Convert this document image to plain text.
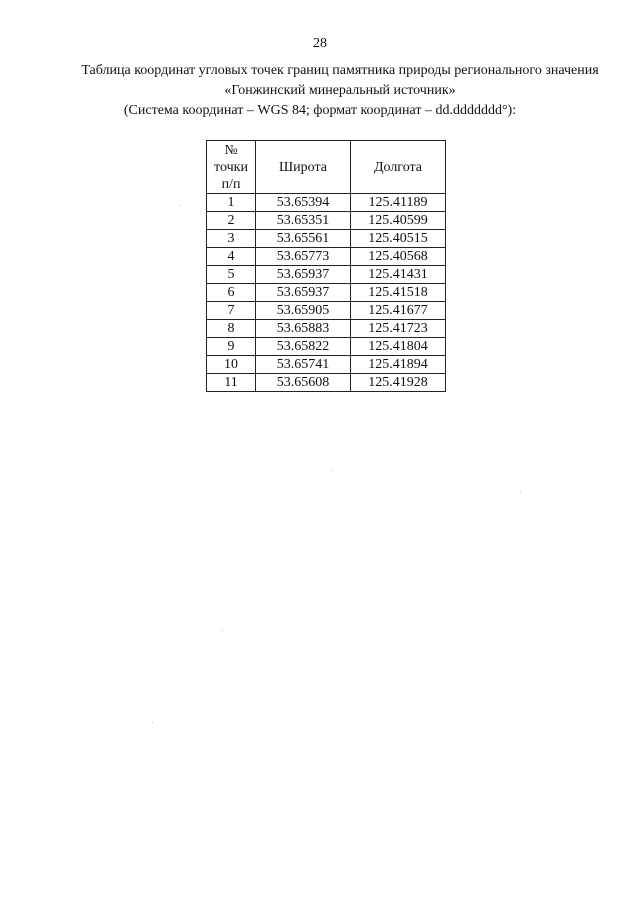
28
Таблица координат угловых точек границ памятника природы регионального значения «Гонжинский минеральный источник»
(Система координат – WGS 84; формат координат – dd.ddddddd°):
№ точки п/п	Широта	Долгота
1	53.65394	125.41189
2	53.65351	125.40599
3	53.65561	125.40515
4	53.65773	125.40568
5	53.65937	125.41431
6	53.65937	125.41518
7	53.65905	125.41677
8	53.65883	125.41723
9	53.65822	125.41804
10	53.65741	125.41894
11	53.65608	125.41928
